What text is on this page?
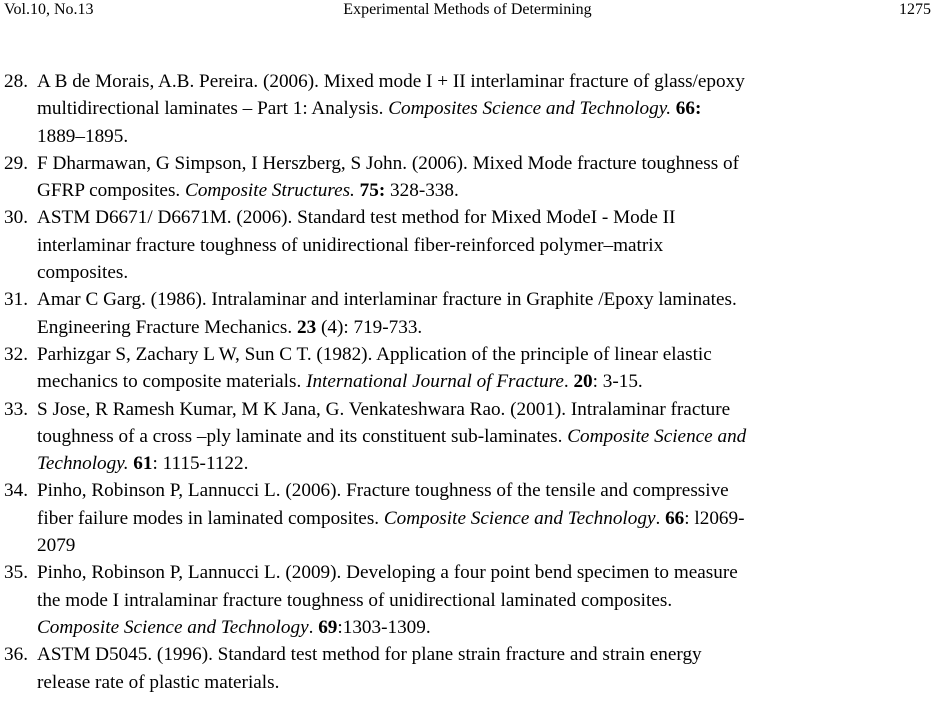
Vol.10, No.13	Experimental Methods of Determining	1275
28. A B de Morais, A.B. Pereira. (2006). Mixed mode I + II interlaminar fracture of glass/epoxy
multidirectional laminates – Part 1: Analysis. Composites Science and Technology. 66:
1889–1895.
29. F Dharmawan, G Simpson, I Herszberg, S John. (2006). Mixed Mode fracture toughness of
GFRP composites. Composite Structures. 75: 328-338.
30. ASTM D6671/ D6671M. (2006). Standard test method for Mixed ModeI - Mode II
interlaminar fracture toughness of unidirectional fiber-reinforced polymer–matrix
composites.
31. Amar C Garg. (1986). Intralaminar and interlaminar fracture in Graphite /Epoxy laminates.
Engineering Fracture Mechanics. 23 (4): 719-733.
32. Parhizgar S, Zachary L W, Sun C T. (1982). Application of the principle of linear elastic
mechanics to composite materials. International Journal of Fracture. 20: 3-15.
33. S Jose, R Ramesh Kumar, M K Jana, G. Venkateshwara Rao. (2001). Intralaminar fracture
toughness of a cross –ply laminate and its constituent sub-laminates. Composite Science and
Technology. 61: 1115-1122.
34. Pinho, Robinson P, Lannucci L. (2006). Fracture toughness of the tensile and compressive
fiber failure modes in laminated composites. Composite Science and Technology. 66: l2069-
2079
35. Pinho, Robinson P, Lannucci L. (2009). Developing a four point bend specimen to measure
the mode I intralaminar fracture toughness of unidirectional laminated composites.
Composite Science and Technology. 69:1303-1309.
36. ASTM D5045. (1996). Standard test method for plane strain fracture and strain energy
release rate of plastic materials.
